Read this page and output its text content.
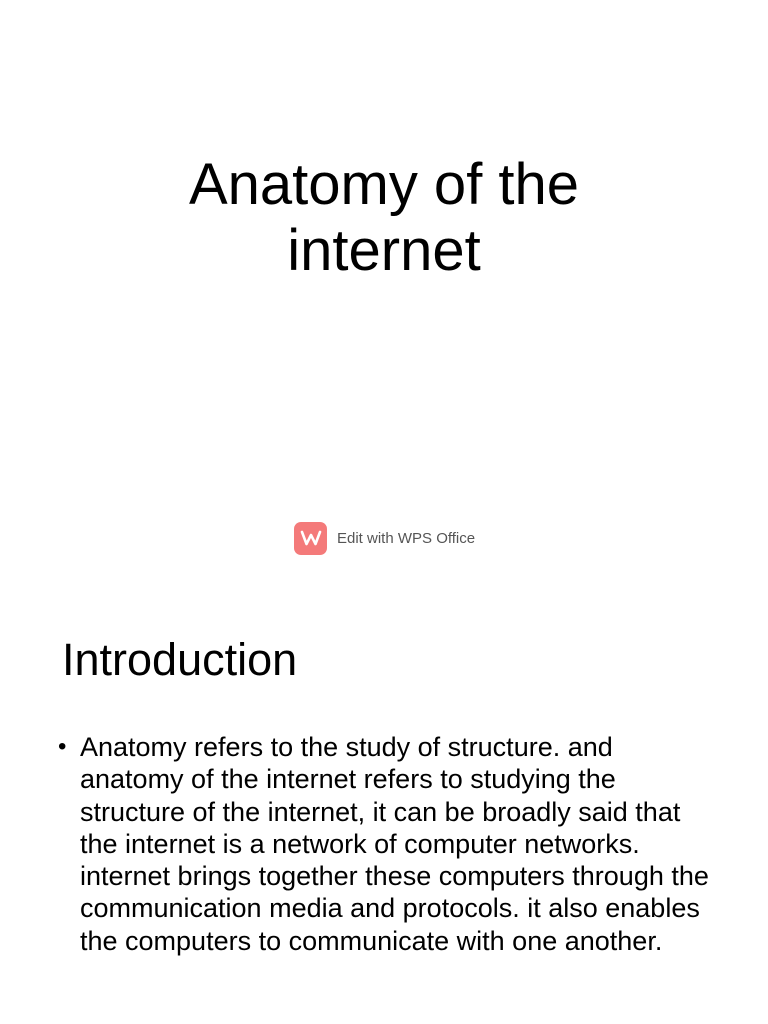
Anatomy of the
internet
Edit with WPS Office
Introduction
• Anatomy refers to the study of structure. and anatomy of the internet refers to studying the structure of the internet, it can be broadly said that the internet is a network of computer networks. internet brings together these computers through the communication media and protocols. it also enables the computers to communicate with one another.
